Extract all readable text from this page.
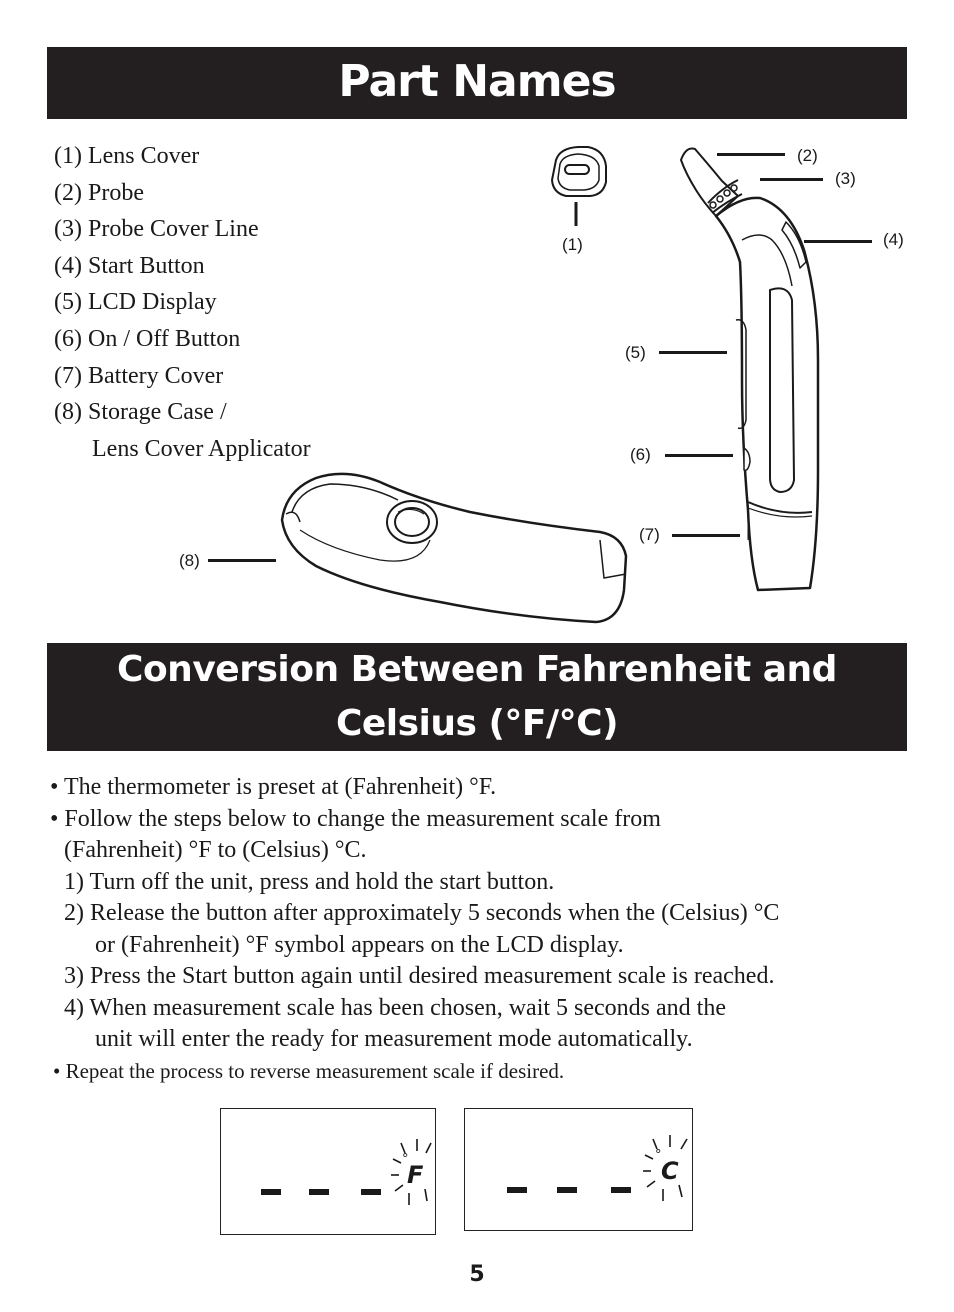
Part Names
(1) Lens Cover
(2) Probe
(3) Probe Cover Line
(4) Start Button
(5) LCD Display
(6) On / Off Button
(7) Battery Cover
(8) Storage Case /
Lens Cover Applicator
(1)
(2)
(3)
(4)
(5)
(6)
(7)
(8)
Conversion Between Fahrenheit and
Celsius (°F/°C)
• The thermometer is preset at (Fahrenheit) °F.
• Follow the steps below to change the measurement scale from
(Fahrenheit) °F to (Celsius) °C.
1) Turn off the unit, press and hold the start button.
2) Release the button after approximately 5 seconds when the (Celsius) °C
or (Fahrenheit) °F symbol appears on the LCD display.
3) Press the Start button again until desired measurement scale is reached.
4) When measurement scale has been chosen, wait 5 seconds and the
unit will enter the ready for measurement mode automatically.
• Repeat the process to reverse measurement scale if desired.
°
F
°
C
5
